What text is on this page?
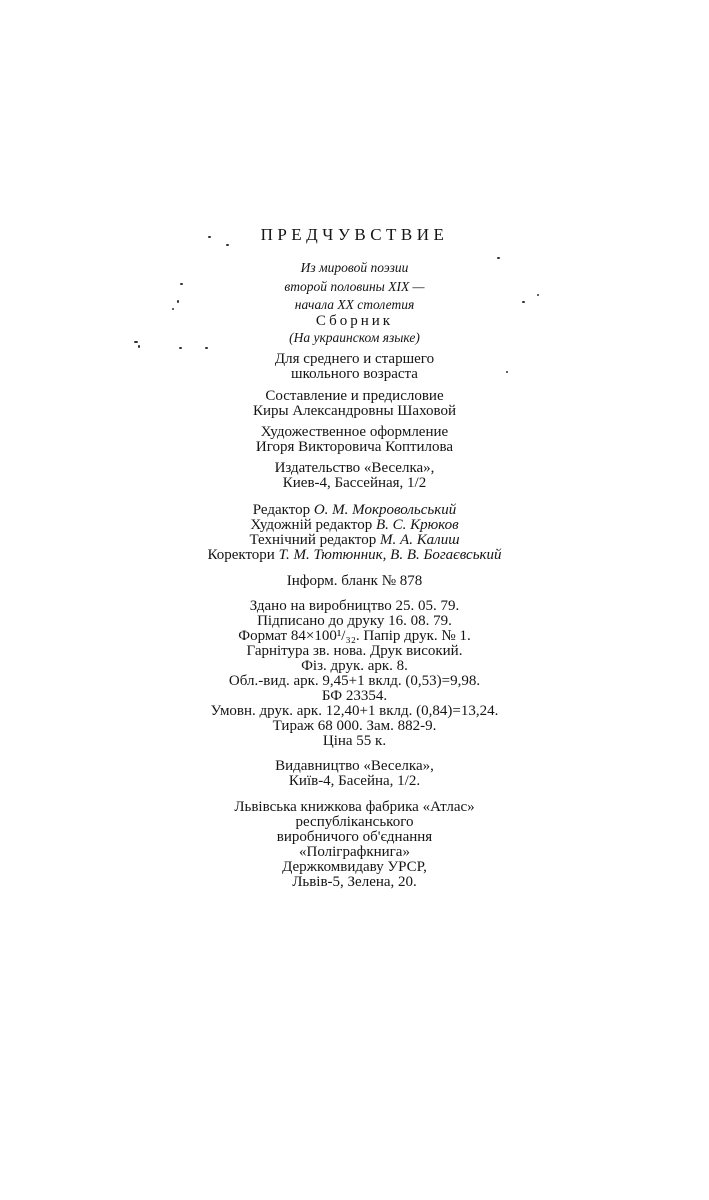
ПРЕДЧУВСТВИЕ
Из мировой поэзии
второй половины XIX —
начала XX столетия
Сборник
(На украинском языке)
Для среднего и старшего
школьного возраста
Составление и предисловие
Киры Александровны Шаховой
Художественное оформление
Игоря Викторовича Коптилова
Издательство «Веселка»,
Киев-4, Бассейная, 1/2
Редактор О. М. Мокровольський
Художній редактор В. С. Крюков
Технічний редактор М. А. Калиш
Коректори Т. М. Тютюнник, В. В. Богаєвський
Інформ. бланк № 878
Здано на виробництво 25. 05. 79.
Підписано до друку 16. 08. 79.
Формат 84×100¹/₃₂. Папір друк. № 1.
Гарнітура зв. нова. Друк високий.
Фіз. друк. арк. 8.
Обл.-вид. арк. 9,45+1 вклд. (0,53)=9,98.
БФ 23354.
Умовн. друк. арк. 12,40+1 вклд. (0,84)=13,24.
Тираж 68 000. Зам. 882-9.
Ціна 55 к.
Видавництво «Веселка»,
Київ-4, Басейна, 1/2.
Львівська книжкова фабрика «Атлас»
республіканського
виробничого об'єднання
«Поліграфкнига»
Держкомвидаву УРСР,
Львів-5, Зелена, 20.
